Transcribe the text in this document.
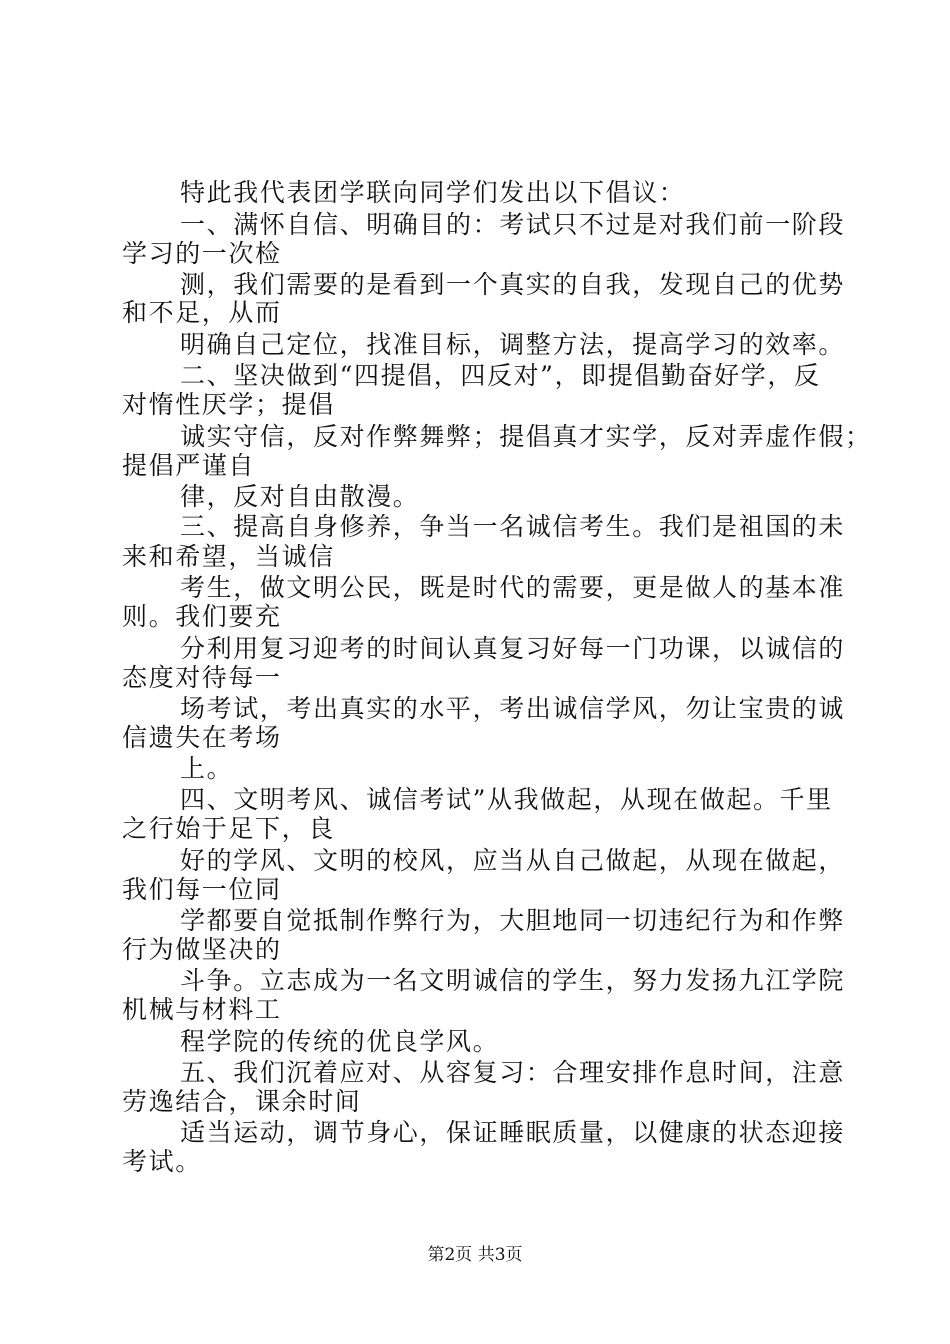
特此我代表团学联向同学们发出以下倡议：
一、满怀自信、明确目的：考试只不过是对我们前一阶段
学习的一次检
测，我们需要的是看到一个真实的自我，发现自己的优势
和不足，从而
明确自己定位，找准目标，调整方法，提高学习的效率。
二、坚决做到“四提倡，四反对”，即提倡勤奋好学，反
对惰性厌学；提倡
诚实守信，反对作弊舞弊；提倡真才实学，反对弄虚作假；
提倡严谨自
律，反对自由散漫。
三、提高自身修养，争当一名诚信考生。我们是祖国的未
来和希望，当诚信
考生，做文明公民，既是时代的需要，更是做人的基本准
则。我们要充
分利用复习迎考的时间认真复习好每一门功课，以诚信的
态度对待每一
场考试，考出真实的水平，考出诚信学风，勿让宝贵的诚
信遗失在考场
上。
四、文明考风、诚信考试”从我做起，从现在做起。千里
之行始于足下，良
好的学风、文明的校风，应当从自己做起，从现在做起，
我们每一位同
学都要自觉抵制作弊行为，大胆地同一切违纪行为和作弊
行为做坚决的
斗争。立志成为一名文明诚信的学生，努力发扬九江学院
机械与材料工
程学院的传统的优良学风。
五、我们沉着应对、从容复习：合理安排作息时间，注意
劳逸结合，课余时间
适当运动，调节身心，保证睡眠质量，以健康的状态迎接
考试。
第2页 共3页
